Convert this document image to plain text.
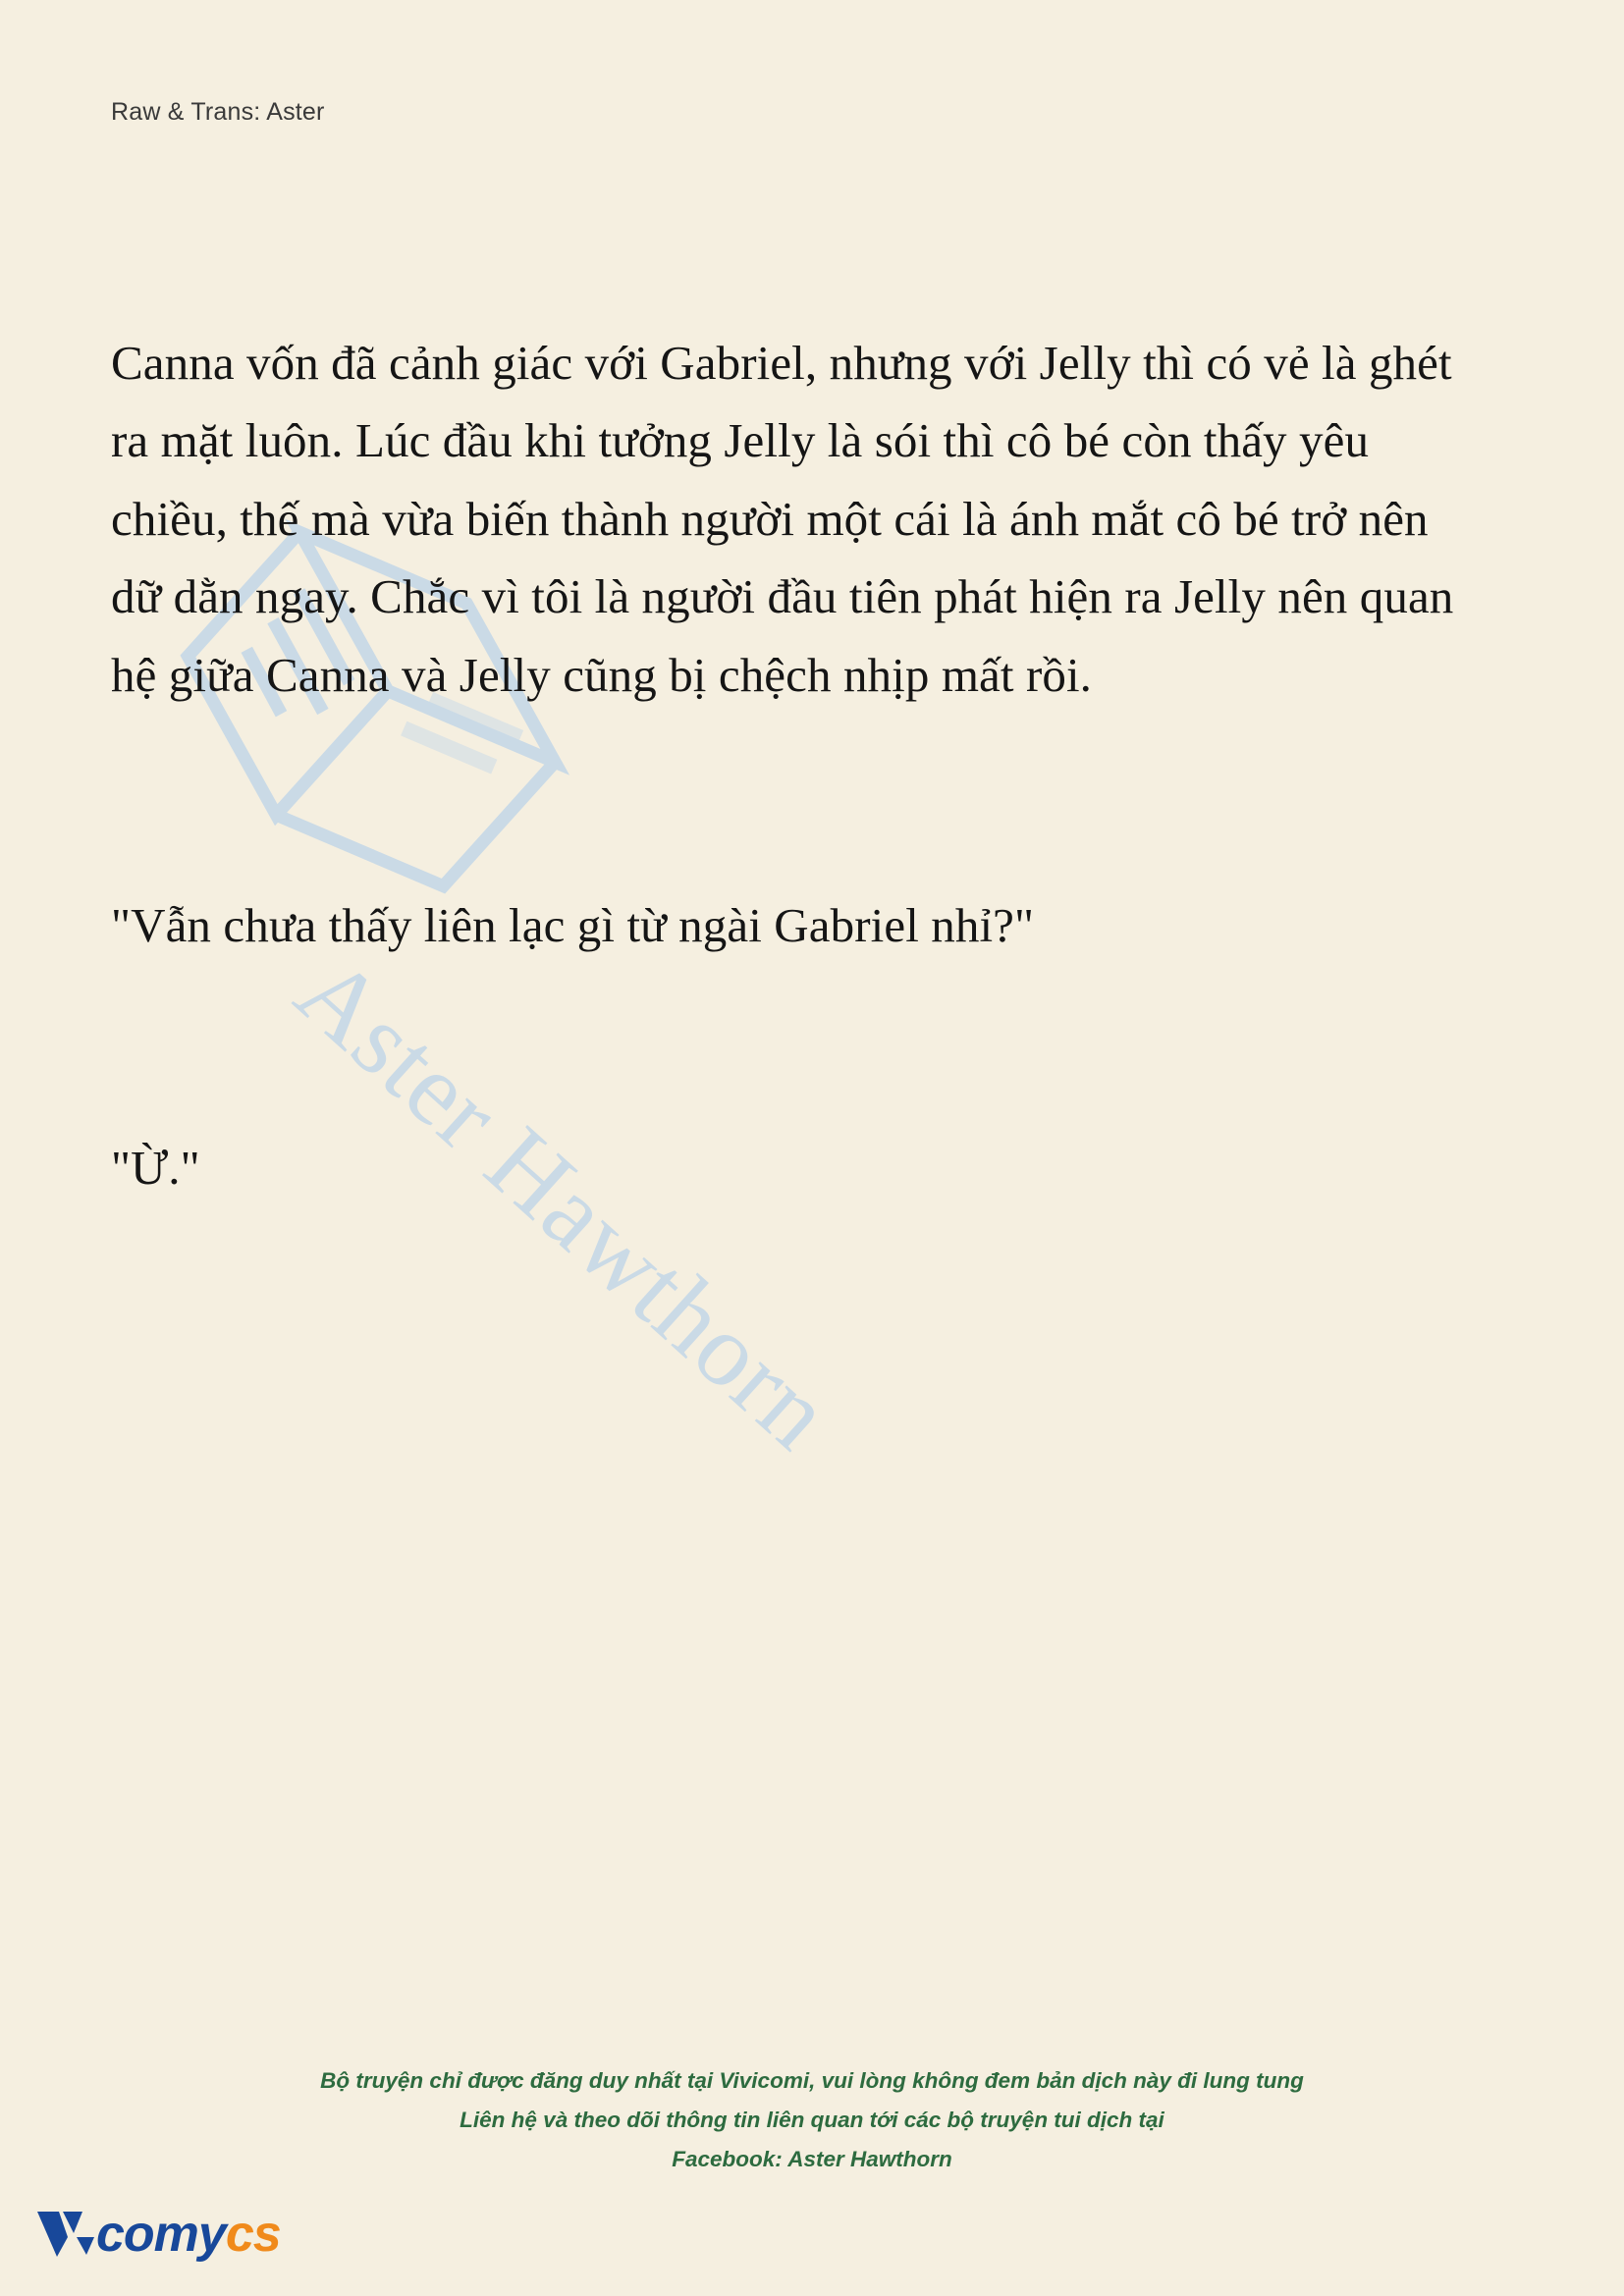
Raw & Trans: Aster
Aster Hawthorn

Canna vốn đã cảnh giác với Gabriel, nhưng với Jelly thì có vẻ là ghét ra mặt luôn. Lúc đầu khi tưởng Jelly là sói thì cô bé còn thấy yêu chiều, thế mà vừa biến thành người một cái là ánh mắt cô bé trở nên dữ dằn ngay. Chắc vì tôi là người đầu tiên phát hiện ra Jelly nên quan hệ giữa Canna và Jelly cũng bị chệch nhịp mất rồi.

"Vẫn chưa thấy liên lạc gì từ ngài Gabriel nhỉ?"

"Ừ."

Bộ truyện chỉ được đăng duy nhất tại Vivicomi, vui lòng không đem bản dịch này đi lung tung
Liên hệ và theo dõi thông tin liên quan tới các bộ truyện tui dịch tại
Facebook: Aster Hawthorn
comycs
